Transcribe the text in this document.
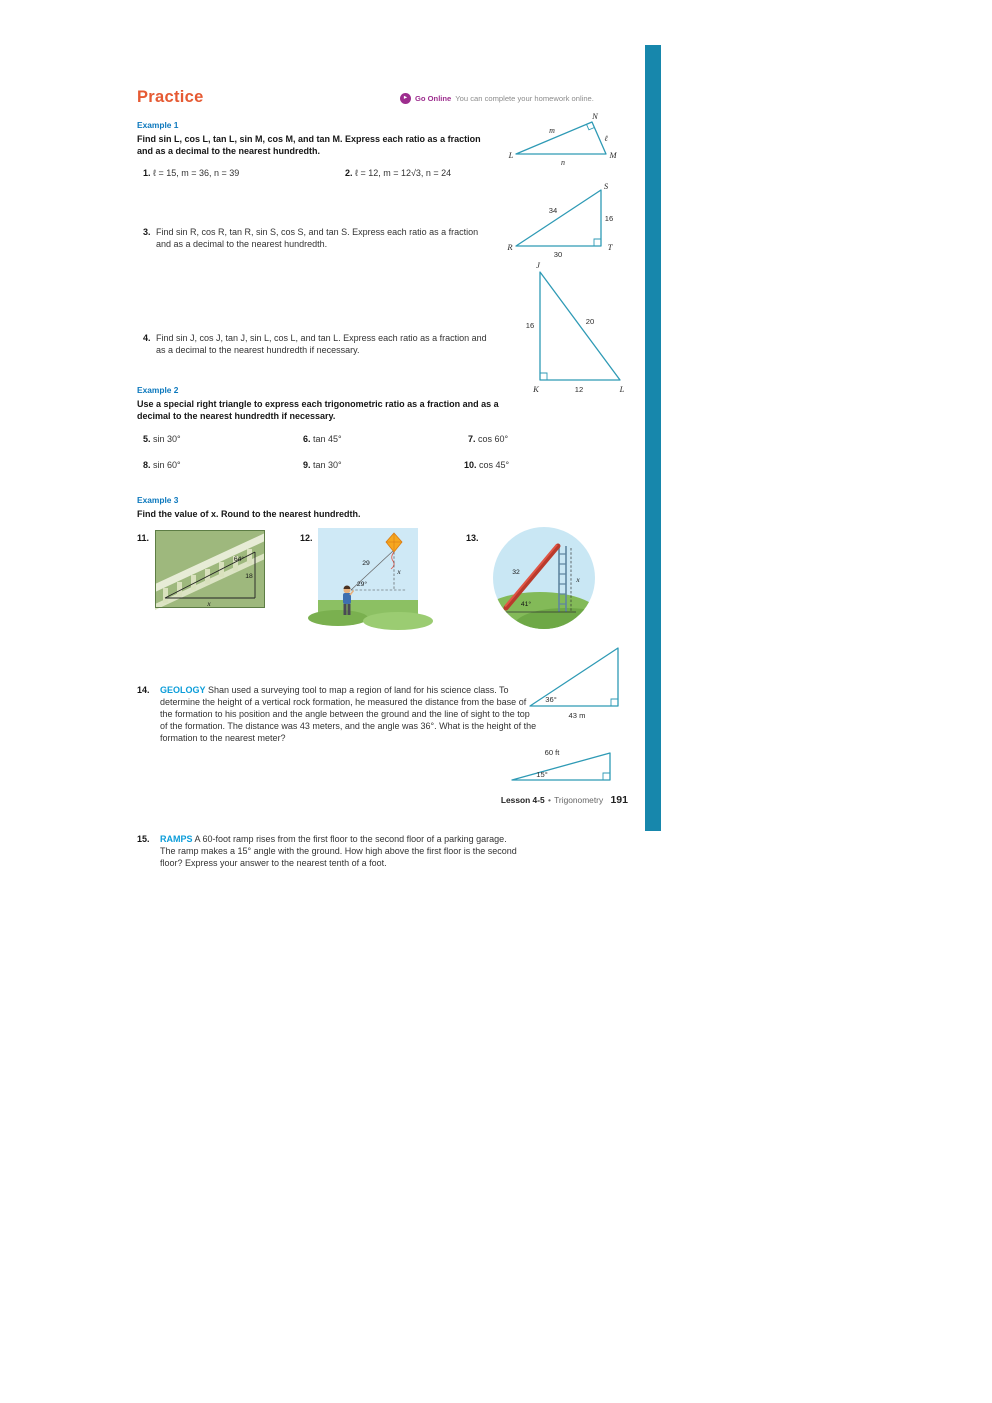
Practice	▸	Go Online You can complete your homework online.
Example 1
Find sin L, cos L, tan L, sin M, cos M, and tan M. Express each ratio as a fraction and as a decimal to the nearest hundredth.
1. ℓ = 15, m = 36, n = 39	2. ℓ = 12, m = 12√3, n = 24
N
L	M
m
ℓ
n
3. Find sin R, cos R, tan R, sin S, cos S, and tan S. Express each ratio as a fraction and as a decimal to the nearest hundredth.
S
T
R
34
16
30
4. Find sin J, cos J, tan J, sin L, cos L, and tan L. Express each ratio as a fraction and as a decimal to the nearest hundredth if necessary.
J
K	L
16	20
12
Example 2
Use a special right triangle to express each trigonometric ratio as a fraction and as a decimal to the nearest hundredth if necessary.
5. sin 30°	6. tan 45°	7. cos 60°
8. sin 60°	9. tan 30°	10. cos 45°
Example 3
Find the value of x. Round to the nearest hundredth.
11.	12.	13.
64°
18
x
29
29°
x	32
41°
x
14. GEOLOGY Shan used a surveying tool to map a region of land for his science class. To determine the height of a vertical rock formation, he measured the distance from the base of the formation to his position and the angle between the ground and the line of sight to the top of the formation. The distance was 43 meters, and the angle was 36°. What is the height of the formation to the nearest meter?
36°
43 m
15. RAMPS A 60-foot ramp rises from the first floor to the second floor of a parking garage. The ramp makes a 15° angle with the ground. How high above the first floor is the second floor? Express your answer to the nearest tenth of a foot.
60 ft
15°
Lesson 4-5 • Trigonometry 191
